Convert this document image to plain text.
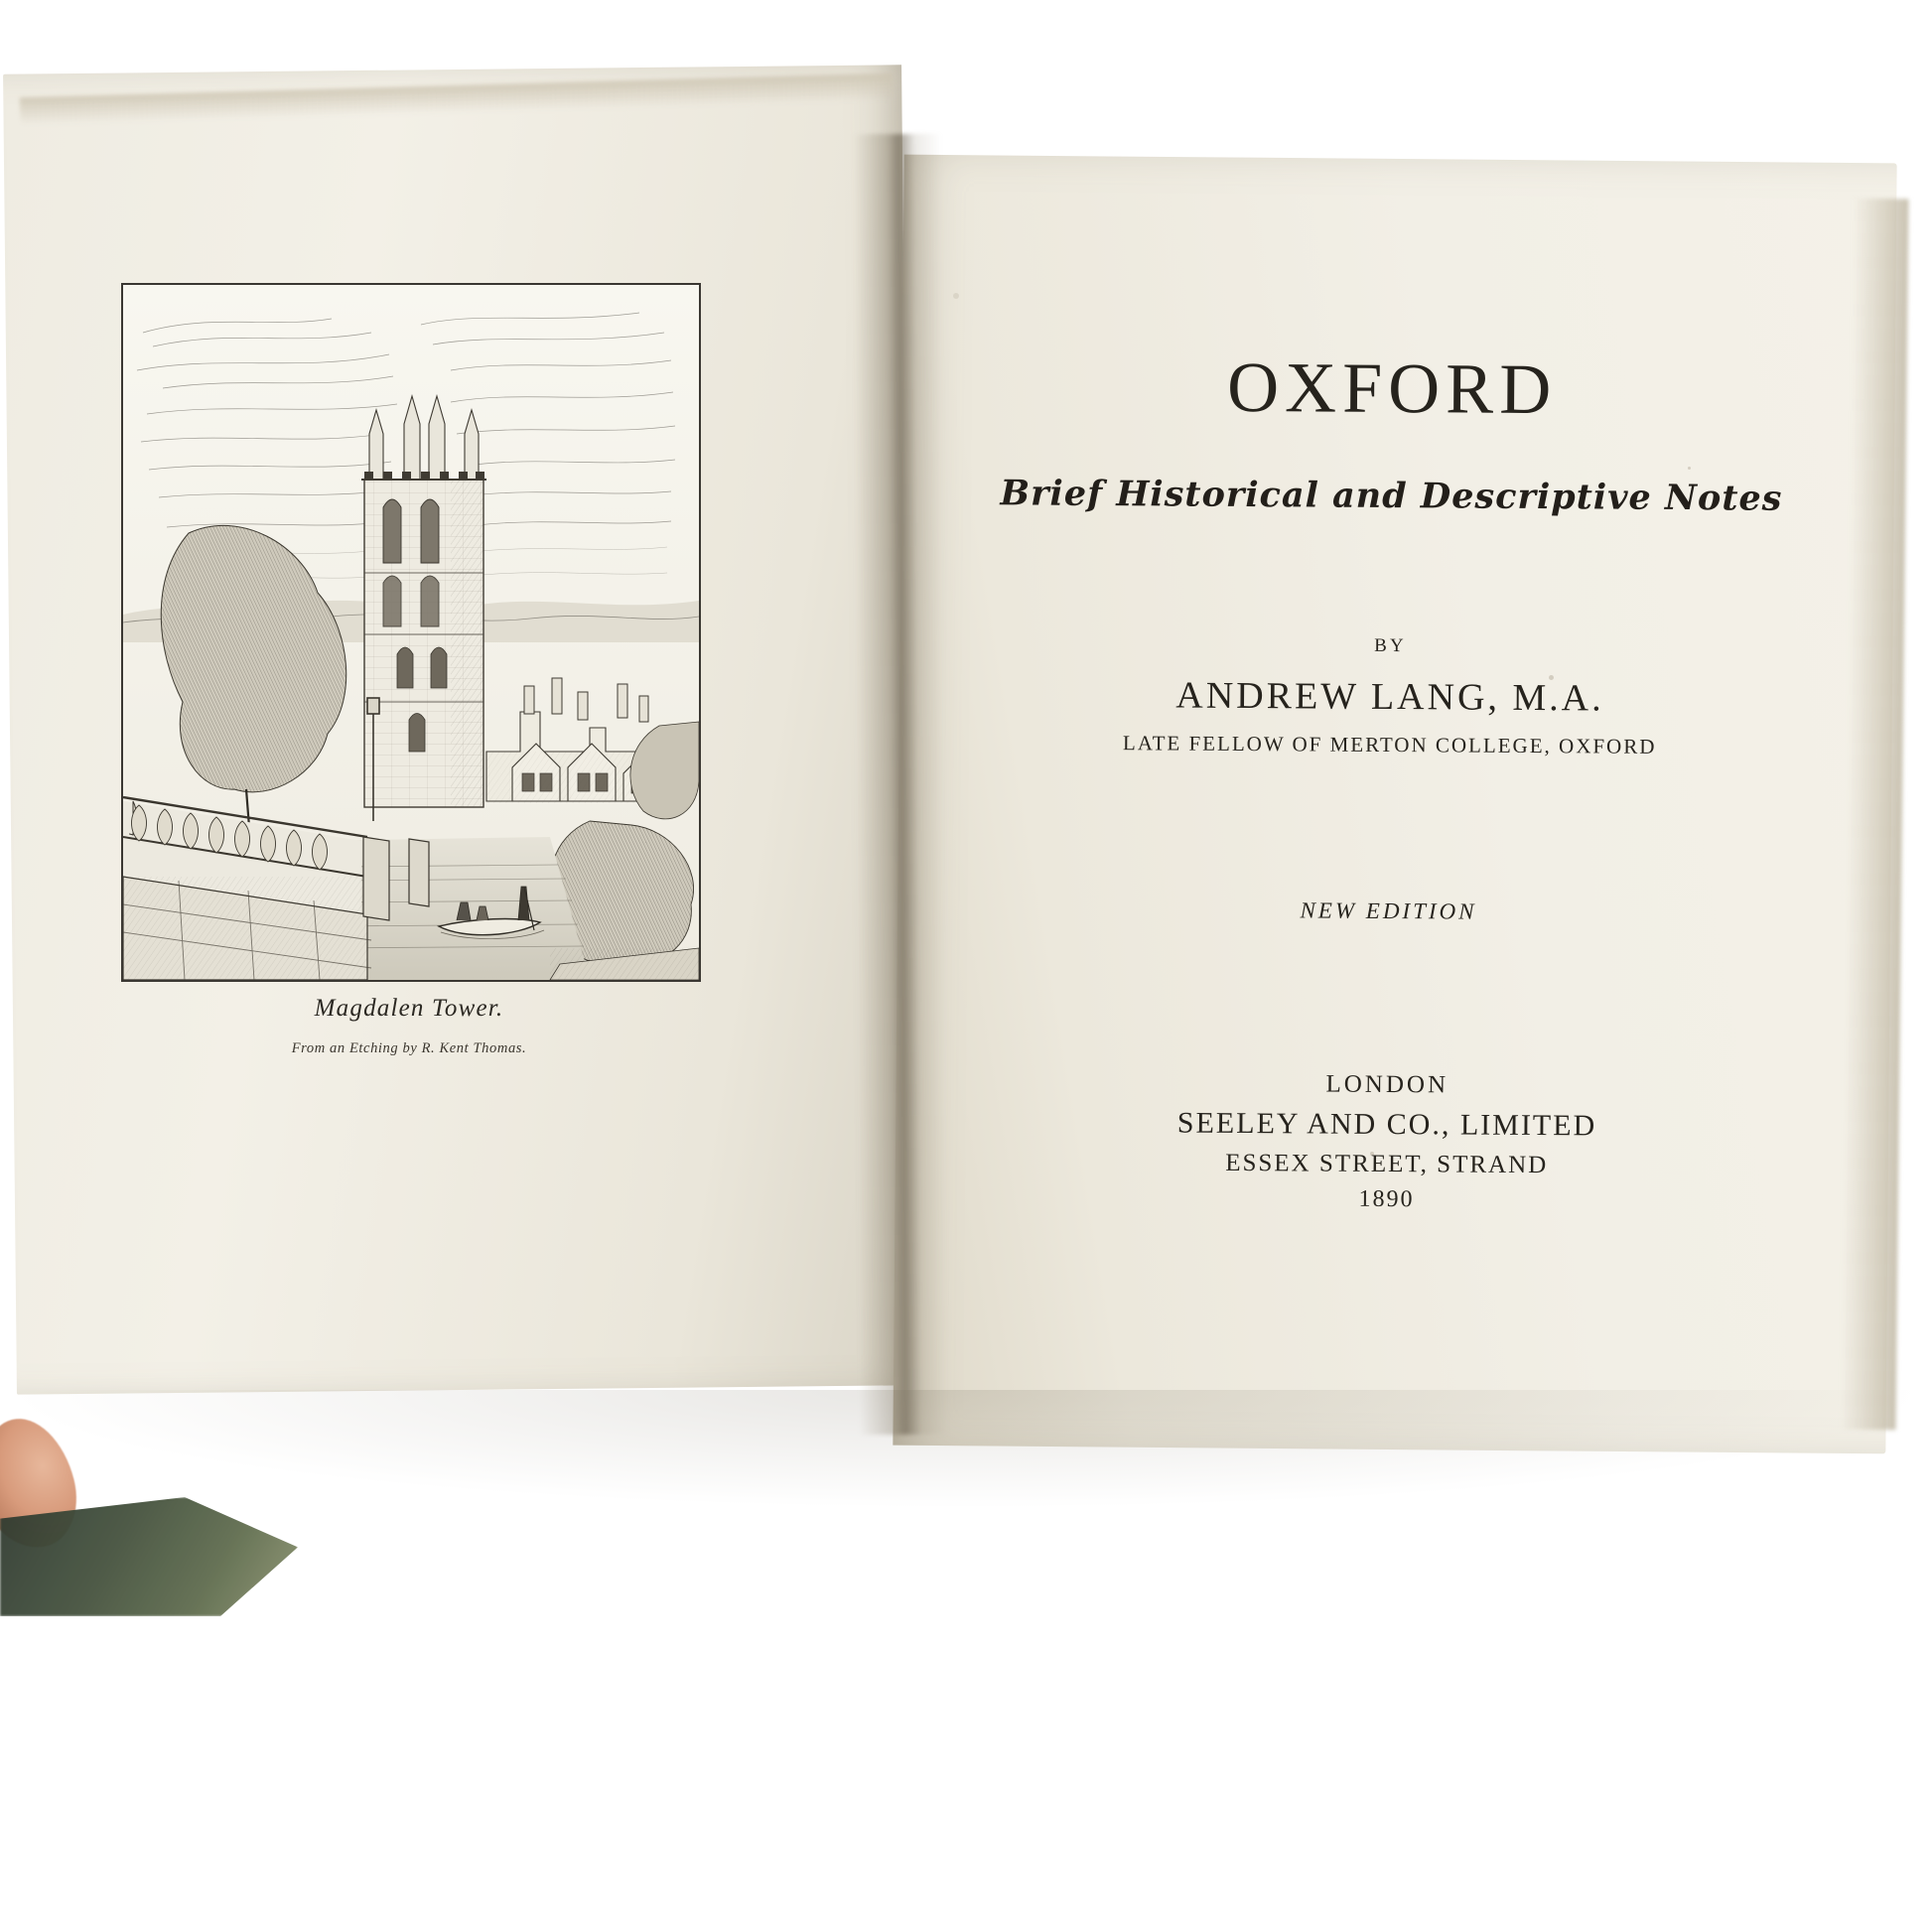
Magdalen Tower.
From an Etching by R. Kent Thomas.
OXFORD
Brief Historical and Descriptive Notes
BY
ANDREW LANG, M.A.
LATE FELLOW OF MERTON COLLEGE, OXFORD
NEW EDITION
LONDON
SEELEY AND CO., LIMITED
ESSEX STREET, STRAND
1890
